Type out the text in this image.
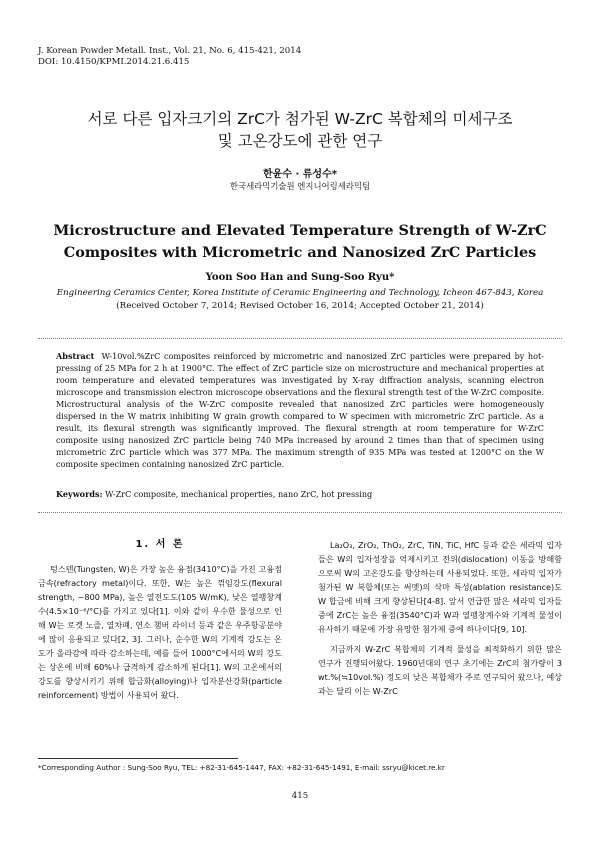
J. Korean Powder Metall. Inst., Vol. 21, No. 6, 415-421, 2014
DOI: 10.4150/KPMI.2014.21.6.415
서로 다른 입자크기의 ZrC가 첨가된 W-ZrC 복합체의 미세구조
및 고온강도에 관한 연구
한윤수 · 류성수*
한국세라믹기술원 엔지니어링세라믹팀
Microstructure and Elevated Temperature Strength of W-ZrC
Composites with Micrometric and Nanosized ZrC Particles
Yoon Soo Han and Sung-Soo Ryu*
Engineering Ceramics Center, Korea Institute of Ceramic Engineering and Technology, Icheon 467-843, Korea
(Received October 7, 2014; Revised October 16, 2014; Accepted October 21, 2014)
Abstract W-10vol.%ZrC composites reinforced by micrometric and nanosized ZrC particles were prepared by hot-pressing of 25 MPa for 2 h at 1900°C. The effect of ZrC particle size on microstructure and mechanical properties at room temperature and elevated temperatures was investigated by X-ray diffraction analysis, scanning electron microscope and transmission electron microscope observations and the flexural strength test of the W-ZrC composite. Microstructural analysis of the W-ZrC composite revealed that nanosized ZrC particles were homogeneously dispersed in the W matrix inhibiting W grain growth compared to W specimen with micrometric ZrC particle. As a result, its flexural strength was significantly improved. The flexural strength at room temperature for W-ZrC composite using nanosized ZrC particle being 740 MPa increased by around 2 times than that of specimen using micrometric ZrC particle which was 377 MPa. The maximum strength of 935 MPa was tested at 1200°C on the W composite specimen containing nanosized ZrC particle.
Keywords: W-ZrC composite, mechanical properties, nano ZrC, hot pressing
1. 서 론

텅스텐(Tungsten, W)은 가장 높은 융점(3410°C)을 가진 고융점 금속(refractory metal)이다. 또한, W는 높은 꺾임강도(flexural strength, ~800 MPa), 높은 열전도도(105 W/mK), 낮은 열팽창계수(4.5×10⁻⁶/°C)를 가지고 있다[1]. 이와 같이 우수한 물성으로 인해 W는 로켓 노즐, 열차폐, 연소 챔버 라이너 등과 같은 우주항공분야에 많이 응용되고 있다[2, 3]. 그러나, 순수한 W의 기계적 강도는 온도가 올라감에 따라 감소하는데, 예를 들어 1000°C에서의 W의 강도는 상온에 비해 60%나 급격하게 감소하게 된다[1]. W의 고온에서의 강도를 향상시키기 위해 합금화(alloying)나 입자분산강화(particle reinforcement) 방법이 사용되어 왔다.

La₂O₃, ZrO₂, ThO₂, ZrC, TiN, TiC, HfC 등과 같은 세라믹 입자들은 W의 입자성장을 억제시키고 전위(dislocation) 이동을 방해함으로써 W의 고온강도를 향상하는데 사용되었다. 또한, 세라믹 입자가 첨가된 W 복합체(또는 써멧)의 삭마 특성(ablation resistance)도 W 합금에 비해 크게 향상된다[4-8]. 앞서 언급한 많은 세라믹 입자들 중에 ZrC는 높은 융점(3540°C)과 W과 열팽창계수와 기계적 물성이 유사하기 때문에 가장 유망한 첨가제 중에 하나이다[9, 10].

지금까지 W-ZrC 복합체의 기계적 물성을 최적화하기 위한 많은 연구가 진행되어왔다. 1960년대의 연구 초기에는 ZrC의 첨가량이 3 wt.%(≒10vol.%) 정도의 낮은 복합체가 주로 연구되어 왔으나, 예상과는 달리 이는 W-ZrC

*Corresponding Author : Sung-Soo Ryu, TEL: +82-31-645-1447, FAX: +82-31-645-1491, E-mail: ssryu@kicet.re.kr
415
